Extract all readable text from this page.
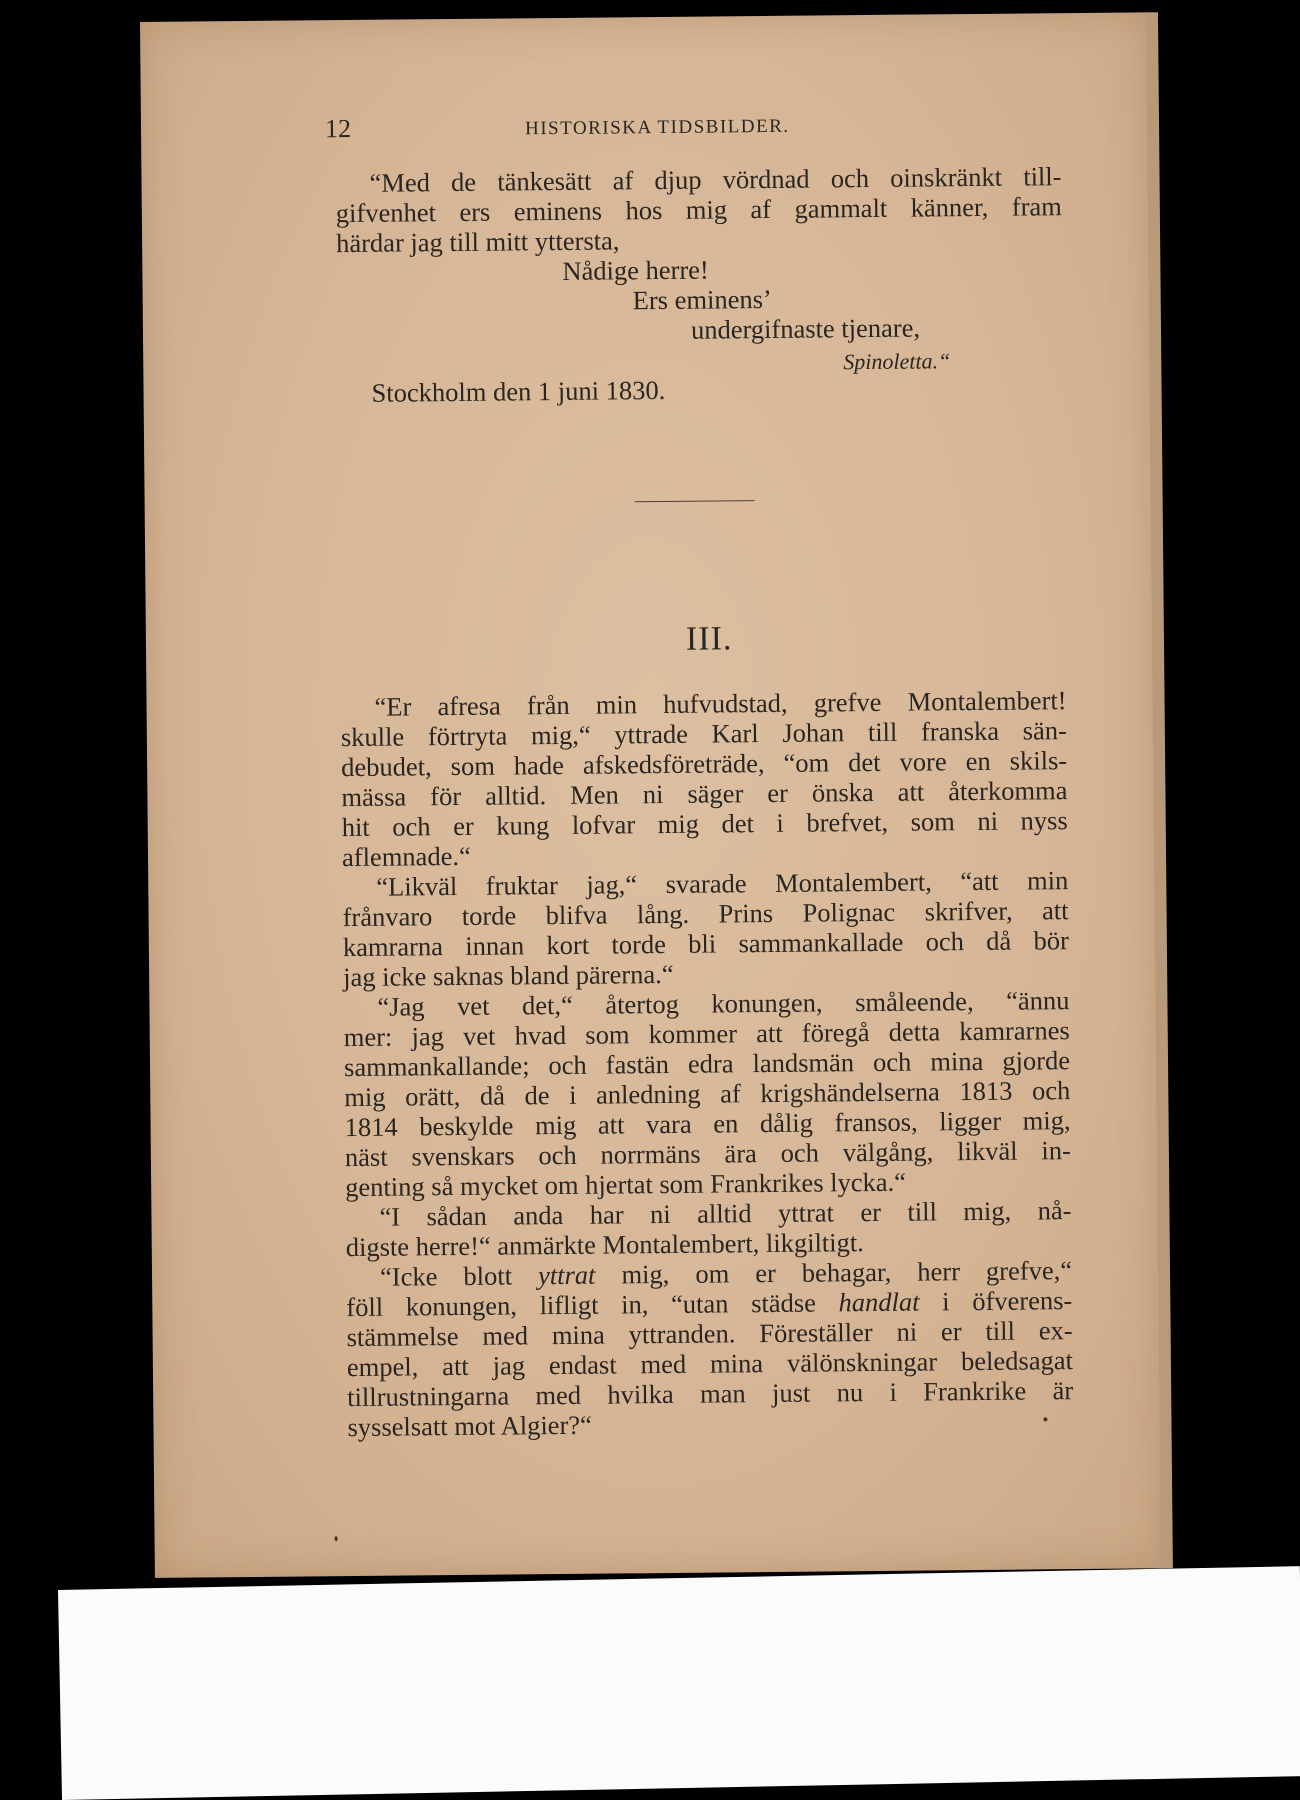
12	HISTORISKA TIDSBILDER.
“Med de tänkesätt af djup vördnad och oinskränkt till-
gifvenhet ers eminens hos mig af gammalt känner, fram
härdar jag till mitt yttersta,
Nådige herre!
Ers eminens’
undergifnaste tjenare,
Spinoletta.“
Stockholm den 1 juni 1830.
III.
“Er afresa från min hufvudstad, grefve Montalembert!
skulle förtryta mig,“ yttrade Karl Johan till franska sän-
debudet, som hade afskedsföreträde, “om det vore en skils-
mässa för alltid. Men ni säger er önska att återkomma
hit och er kung lofvar mig det i brefvet, som ni nyss
aflemnade.“
“Likväl fruktar jag,“ svarade Montalembert, “att min
frånvaro torde blifva lång. Prins Polignac skrifver, att
kamrarna innan kort torde bli sammankallade och då bör
jag icke saknas bland pärerna.“
“Jag vet det,“ återtog konungen, småleende, “ännu
mer: jag vet hvad som kommer att föregå detta kamrarnes
sammankallande; och fastän edra landsmän och mina gjorde
mig orätt, då de i anledning af krigshändelserna 1813 och
1814 beskylde mig att vara en dålig fransos, ligger mig,
näst svenskars och norrmäns ära och välgång, likväl in-
genting så mycket om hjertat som Frankrikes lycka.“
“I sådan anda har ni alltid yttrat er till mig, nå-
digste herre!“ anmärkte Montalembert, likgiltigt.
“Icke blott yttrat mig, om er behagar, herr grefve,“
föll konungen, lifligt in, “utan städse handlat i öfverens-
stämmelse med mina yttranden. Föreställer ni er till ex-
empel, att jag endast med mina välönskningar beledsagat
tillrustningarna med hvilka man just nu i Frankrike är
sysselsatt mot Algier?“
